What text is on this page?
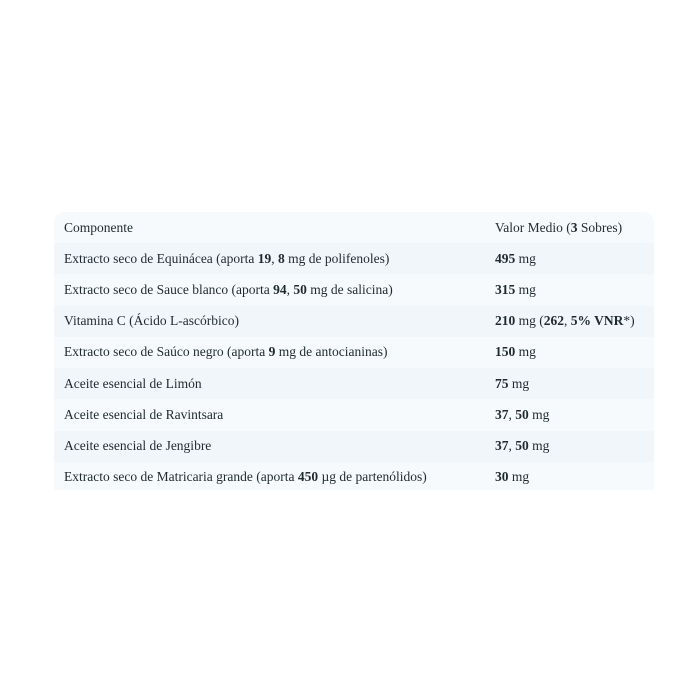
Componente	Valor Medio (3 Sobres)
Extracto seco de Equinácea (aporta 19, 8 mg de polifenoles)	495 mg
Extracto seco de Sauce blanco (aporta 94, 50 mg de salicina)	315 mg
Vitamina C (Ácido L-ascórbico)	210 mg (262, 5% VNR*)
Extracto seco de Saúco negro (aporta 9 mg de antocianinas)	150 mg
Aceite esencial de Limón	75 mg
Aceite esencial de Ravintsara	37, 50 mg
Aceite esencial de Jengibre	37, 50 mg
Extracto seco de Matricaria grande (aporta 450 µg de partenólidos)	30 mg
